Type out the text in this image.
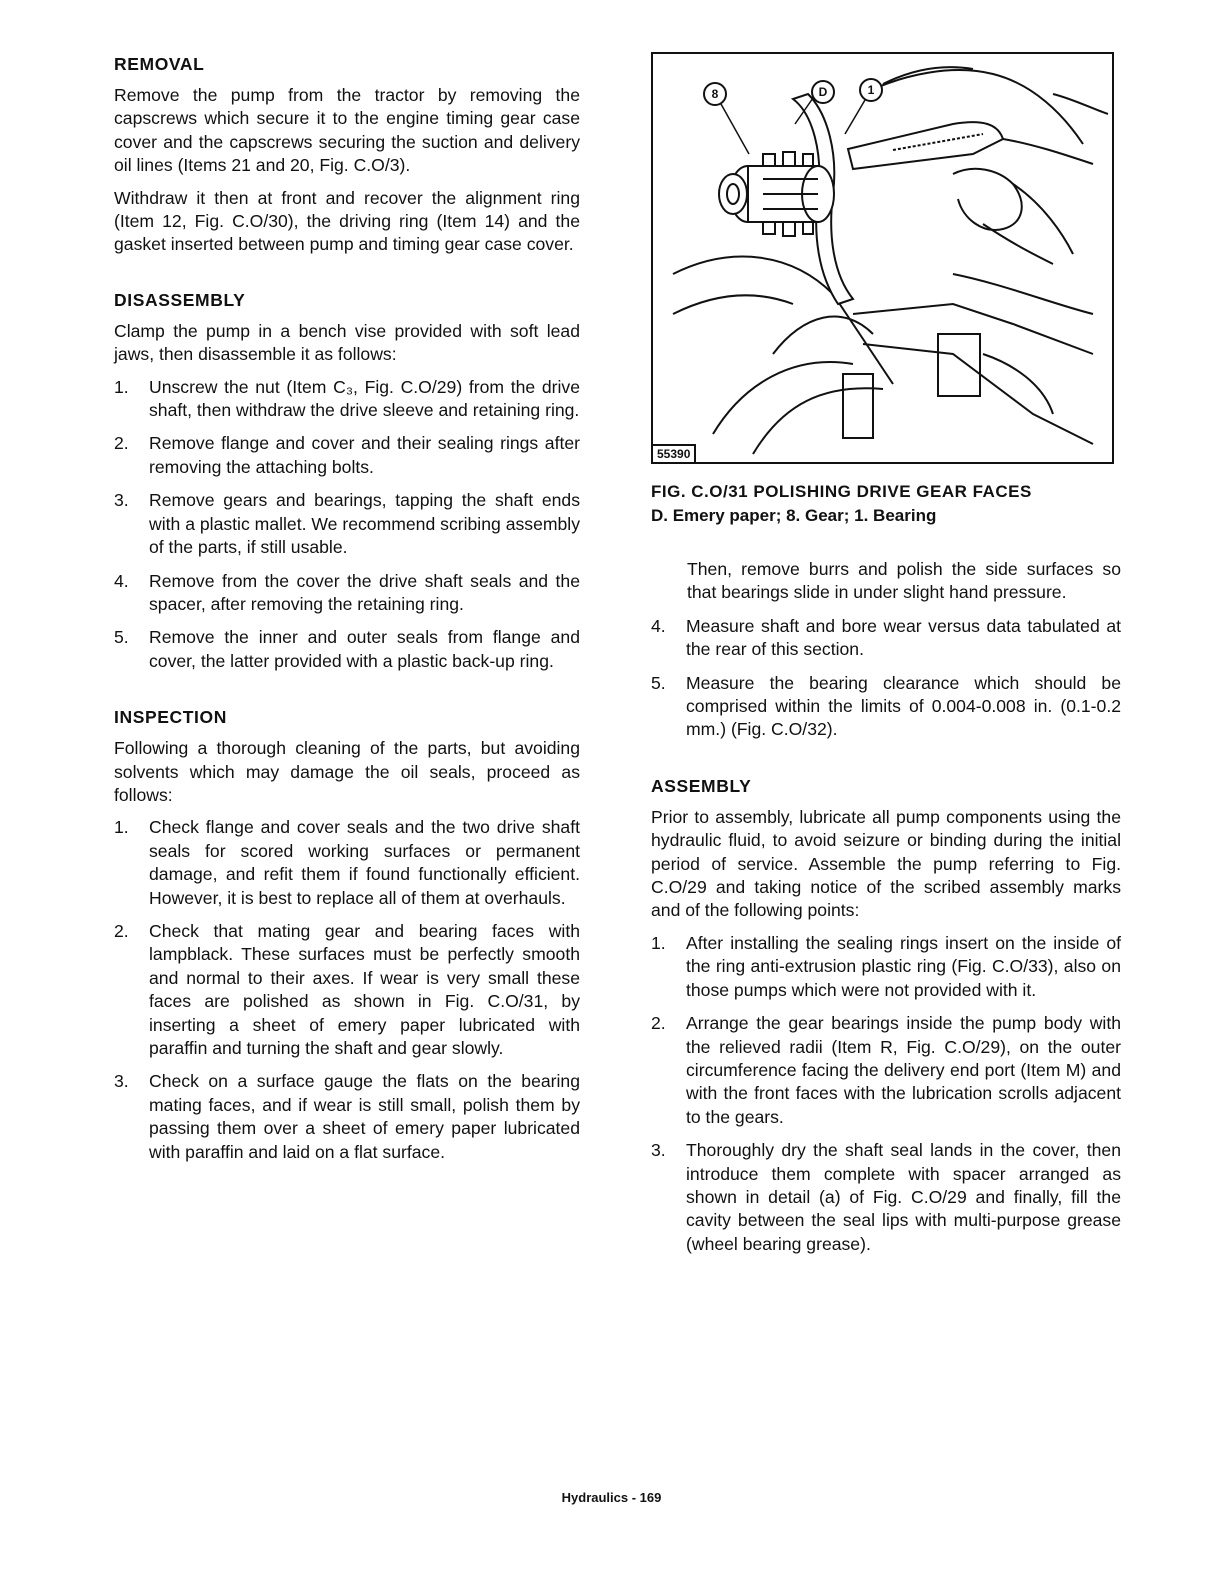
REMOVAL

Remove the pump from the tractor by removing the capscrews which secure it to the engine timing gear case cover and the capscrews securing the suction and delivery oil lines (Items 21 and 20, Fig. C.O/3).

Withdraw it then at front and recover the alignment ring (Item 12, Fig. C.O/30), the driving ring (Item 14) and the gasket inserted between pump and timing gear case cover.

DISASSEMBLY

Clamp the pump in a bench vise provided with soft lead jaws, then disassemble it as follows:

1. Unscrew the nut (Item C₃, Fig. C.O/29) from the drive shaft, then withdraw the drive sleeve and retaining ring.
2. Remove flange and cover and their sealing rings after removing the attaching bolts.
3. Remove gears and bearings, tapping the shaft ends with a plastic mallet. We recommend scribing assembly of the parts, if still usable.
4. Remove from the cover the drive shaft seals and the spacer, after removing the retaining ring.
5. Remove the inner and outer seals from flange and cover, the latter provided with a plastic back-up ring.
INSPECTION

Following a thorough cleaning of the parts, but avoiding solvents which may damage the oil seals, proceed as follows:

1. Check flange and cover seals and the two drive shaft seals for scored working surfaces or permanent damage, and refit them if found functionally efficient. However, it is best to replace all of them at overhauls.
2. Check that mating gear and bearing faces with lampblack. These surfaces must be perfectly smooth and normal to their axes. If wear is very small these faces are polished as shown in Fig. C.O/31, by inserting a sheet of emery paper lubricated with paraffin and turning the shaft and gear slowly.
3. Check on a surface gauge the flats on the bearing mating faces, and if wear is still small, polish them by passing them over a sheet of emery paper lubricated with paraffin and laid on a flat surface.
8	D	1
55390
FIG. C.O/31 POLISHING DRIVE GEAR FACES
D. Emery paper; 8. Gear; 1. Bearing

Then, remove burrs and polish the side surfaces so that bearings slide in under slight hand pressure.

4. Measure shaft and bore wear versus data tabulated at the rear of this section.
5. Measure the bearing clearance which should be comprised within the limits of 0.004-0.008 in. (0.1-0.2 mm.) (Fig. C.O/32).
ASSEMBLY

Prior to assembly, lubricate all pump components using the hydraulic fluid, to avoid seizure or binding during the initial period of service. Assemble the pump referring to Fig. C.O/29 and taking notice of the scribed assembly marks and of the following points:

1. After installing the sealing rings insert on the inside of the ring anti-extrusion plastic ring (Fig. C.O/33), also on those pumps which were not provided with it.
2. Arrange the gear bearings inside the pump body with the relieved radii (Item R, Fig. C.O/29), on the outer circumference facing the delivery end port (Item M) and with the front faces with the lubrication scrolls adjacent to the gears.
3. Thoroughly dry the shaft seal lands in the cover, then introduce them complete with spacer arranged as shown in detail (a) of Fig. C.O/29 and finally, fill the cavity between the seal lips with multi-purpose grease (wheel bearing grease).
Hydraulics - 169
